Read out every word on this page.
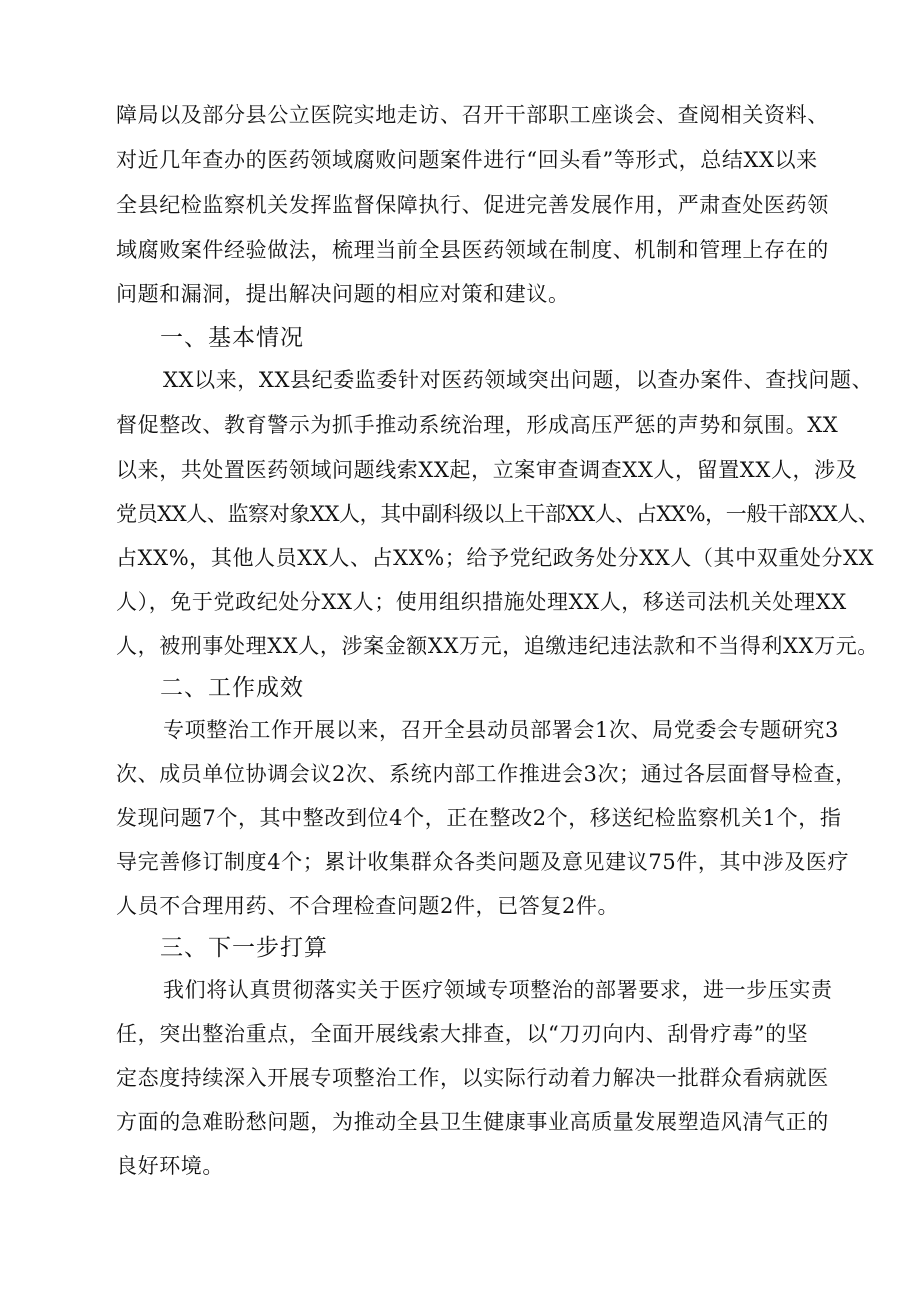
障局以及部分县公立医院实地走访、召开干部职工座谈会、查阅相关资料、

对近几年查办的医药领域腐败问题案件进行“回头看”等形式，总结XX以来

全县纪检监察机关发挥监督保障执行、促进完善发展作用，严肃查处医药领

域腐败案件经验做法，梳理当前全县医药领域在制度、机制和管理上存在的

问题和漏洞，提出解决问题的相应对策和建议。

一、基本情况

XX以来，XX县纪委监委针对医药领域突出问题，以查办案件、查找问题、

督促整改、教育警示为抓手推动系统治理，形成高压严惩的声势和氛围。XX

以来，共处置医药领域问题线索XX起，立案审查调查XX人，留置XX人，涉及

党员XX人、监察对象XX人，其中副科级以上干部XX人、占XX%，一般干部XX人、

占XX%，其他人员XX人、占XX%；给予党纪政务处分XX人（其中双重处分XX

人），免于党政纪处分XX人；使用组织措施处理XX人，移送司法机关处理XX

人，被刑事处理XX人，涉案金额XX万元，追缴违纪违法款和不当得利XX万元。

二、工作成效

专项整治工作开展以来，召开全县动员部署会1次、局党委会专题研究3

次、成员单位协调会议2次、系统内部工作推进会3次；通过各层面督导检查，

发现问题7个，其中整改到位4个，正在整改2个，移送纪检监察机关1个，指

导完善修订制度4个；累计收集群众各类问题及意见建议75件，其中涉及医疗

人员不合理用药、不合理检查问题2件，已答复2件。

三、下一步打算

我们将认真贯彻落实关于医疗领域专项整治的部署要求，进一步压实责

任，突出整治重点，全面开展线索大排查，以“刀刃向内、刮骨疗毒”的坚

定态度持续深入开展专项整治工作，以实际行动着力解决一批群众看病就医

方面的急难盼愁问题，为推动全县卫生健康事业高质量发展塑造风清气正的

良好环境。
